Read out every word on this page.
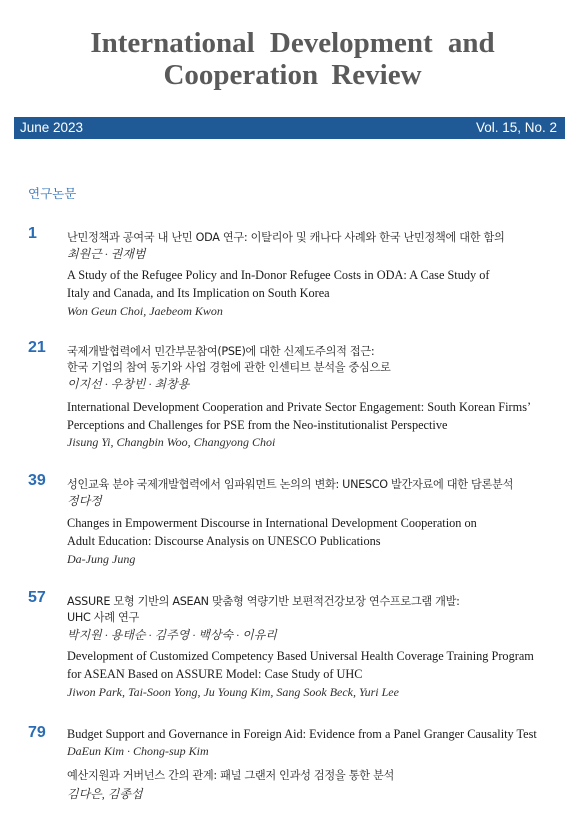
International Development and
Cooperation Review
June 2023	Vol. 15, No. 2
연구논문
1	난민정책과 공여국 내 난민 ODA 연구: 이탈리아 및 캐나다 사례와 한국 난민정책에 대한 함의
최원근 · 권재범
A Study of the Refugee Policy and In-Donor Refugee Costs in ODA: A Case Study of
Italy and Canada, and Its Implication on South Korea
Won Geun Choi, Jaebeom Kwon
21 국제개발협력에서 민간부문참여(PSE)에 대한 신제도주의적 접근:
한국 기업의 참여 동기와 사업 경험에 관한 인센티브 분석을 중심으로
이지선 · 우창빈 · 최창용
International Development Cooperation and Private Sector Engagement: South Korean Firms’
Perceptions and Challenges for PSE from the Neo-institutionalist Perspective
Jisung Yi, Changbin Woo, Changyong Choi
39 성인교육 분야 국제개발협력에서 임파워먼트 논의의 변화: UNESCO 발간자료에 대한 담론분석
정다정
Changes in Empowerment Discourse in International Development Cooperation on
Adult Education: Discourse Analysis on UNESCO Publications
Da-Jung Jung
57 ASSURE 모형 기반의 ASEAN 맞춤형 역량기반 보편적건강보장 연수프로그램 개발:
UHC 사례 연구
박지원 · 용태순 · 김주영 · 백상숙 · 이유리
Development of Customized Competency Based Universal Health Coverage Training Program
for ASEAN Based on ASSURE Model: Case Study of UHC
Jiwon Park, Tai-Soon Yong, Ju Young Kim, Sang Sook Beck, Yuri Lee
79 Budget Support and Governance in Foreign Aid: Evidence from a Panel Granger Causality Test
DaEun Kim · Chong-sup Kim
예산지원과 거버넌스 간의 관계: 패널 그랜저 인과성 검정을 통한 분석
김다은, 김종섭
